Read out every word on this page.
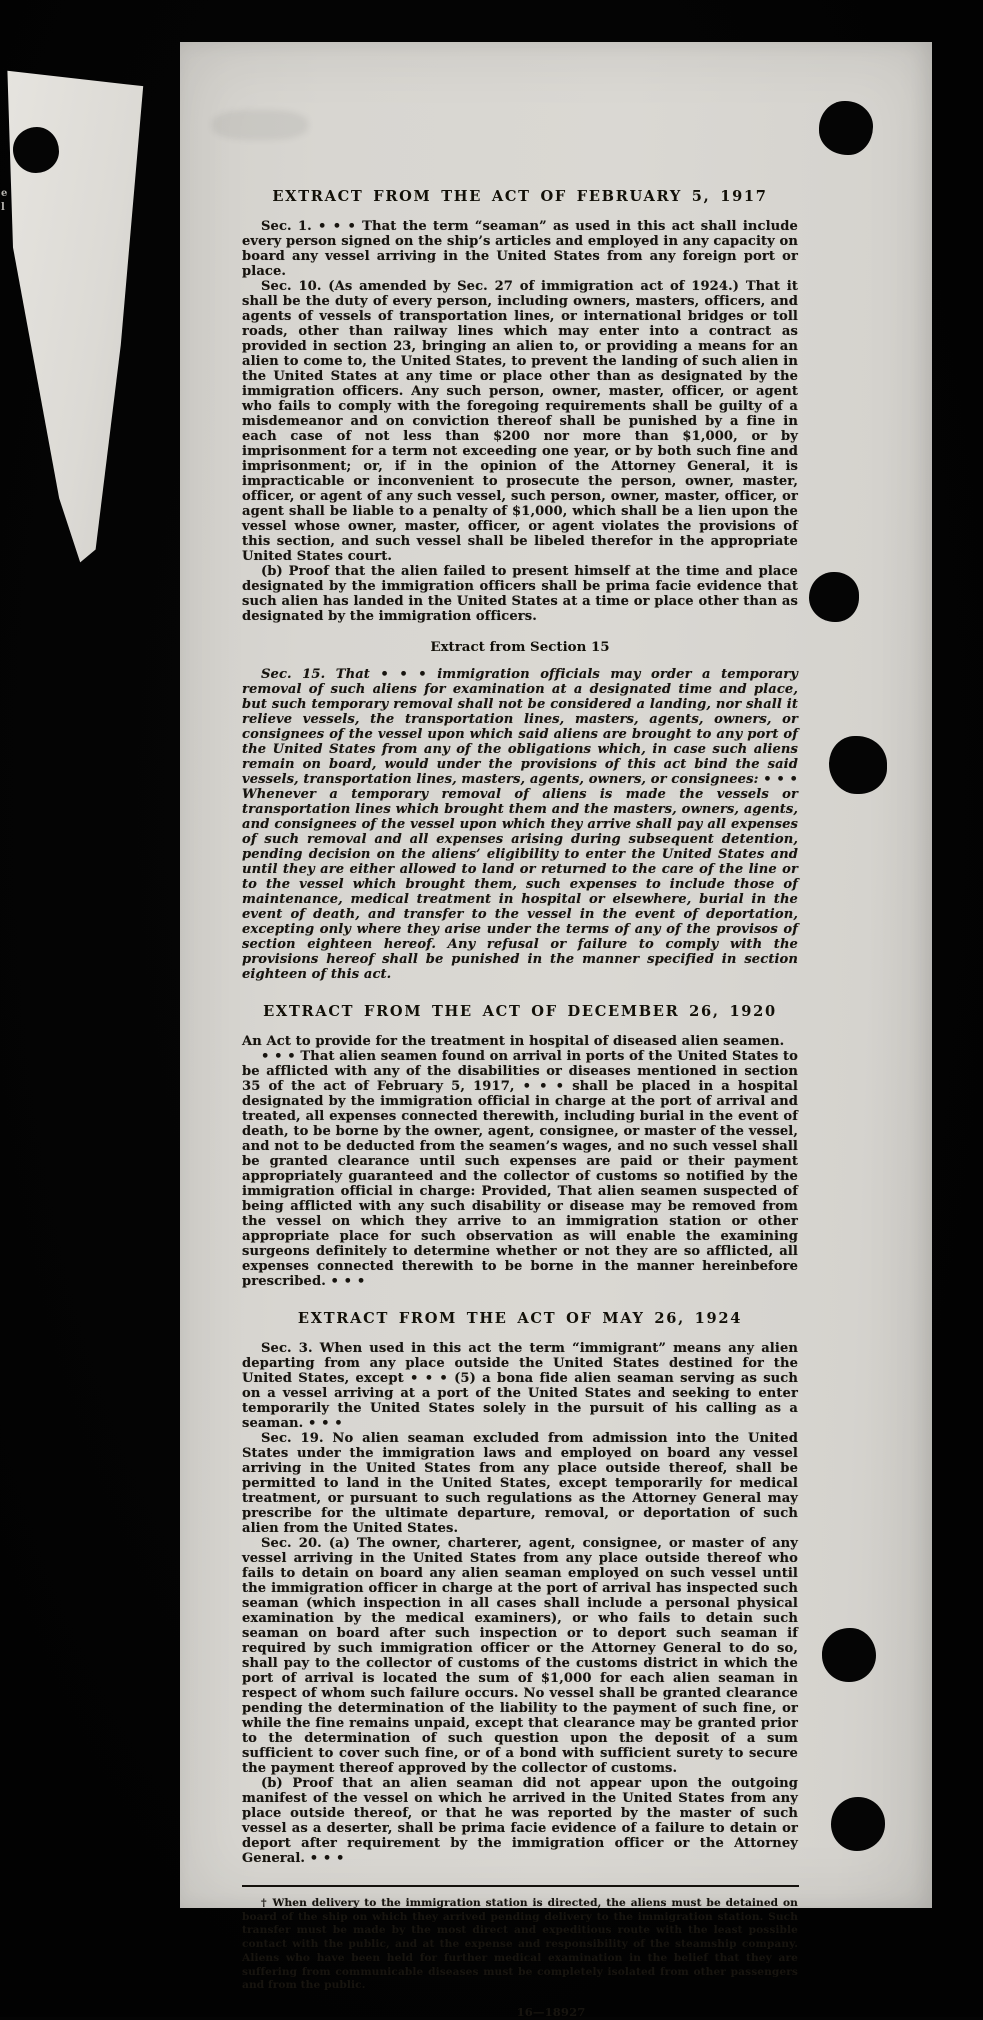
e
l
EXTRACT FROM THE ACT OF FEBRUARY 5, 1917

Sec. 1. • • • That the term “seaman” as used in this act shall include every person signed on the ship’s articles and employed in any capacity on board any vessel arriving in the United States from any foreign port or place.

Sec. 10. (As amended by Sec. 27 of immigration act of 1924.) That it shall be the duty of every person, including owners, masters, officers, and agents of vessels of transportation lines, or international bridges or toll roads, other than railway lines which may enter into a contract as provided in section 23, bringing an alien to, or providing a means for an alien to come to, the United States, to prevent the landing of such alien in the United States at any time or place other than as designated by the immigration officers. Any such person, owner, master, officer, or agent who fails to comply with the foregoing requirements shall be guilty of a misdemeanor and on conviction thereof shall be punished by a fine in each case of not less than $200 nor more than $1,000, or by imprisonment for a term not exceeding one year, or by both such fine and imprisonment; or, if in the opinion of the Attorney General, it is impracticable or inconvenient to prosecute the person, owner, master, officer, or agent of any such vessel, such person, owner, master, officer, or agent shall be liable to a penalty of $1,000, which shall be a lien upon the vessel whose owner, master, officer, or agent violates the provisions of this section, and such vessel shall be libeled therefor in the appropriate United States court.

(b) Proof that the alien failed to present himself at the time and place designated by the immigration officers shall be prima facie evidence that such alien has landed in the United States at a time or place other than as designated by the immigration officers.

Extract from Section 15

Sec. 15. That • • • immigration officials may order a temporary removal of such aliens for examination at a designated time and place, but such temporary removal shall not be considered a landing, nor shall it relieve vessels, the transportation lines, masters, agents, owners, or consignees of the vessel upon which said aliens are brought to any port of the United States from any of the obligations which, in case such aliens remain on board, would under the provisions of this act bind the said vessels, transportation lines, masters, agents, owners, or consignees: • • • Whenever a temporary removal of aliens is made the vessels or transportation lines which brought them and the masters, owners, agents, and consignees of the vessel upon which they arrive shall pay all expenses of such removal and all expenses arising during subsequent detention, pending decision on the aliens’ eligibility to enter the United States and until they are either allowed to land or returned to the care of the line or to the vessel which brought them, such expenses to include those of maintenance, medical treatment in hospital or elsewhere, burial in the event of death, and transfer to the vessel in the event of deportation, excepting only where they arise under the terms of any of the provisos of section eighteen hereof. Any refusal or failure to comply with the provisions hereof shall be punished in the manner specified in section eighteen of this act.

EXTRACT FROM THE ACT OF DECEMBER 26, 1920

An Act to provide for the treatment in hospital of diseased alien seamen.

• • • That alien seamen found on arrival in ports of the United States to be afflicted with any of the disabilities or diseases mentioned in section 35 of the act of February 5, 1917, • • • shall be placed in a hospital designated by the immigration official in charge at the port of arrival and treated, all expenses connected therewith, including burial in the event of death, to be borne by the owner, agent, consignee, or master of the vessel, and not to be deducted from the seamen’s wages, and no such vessel shall be granted clearance until such expenses are paid or their payment appropriately guaranteed and the collector of customs so notified by the immigration official in charge: Provided, That alien seamen suspected of being afflicted with any such disability or disease may be removed from the vessel on which they arrive to an immigration station or other appropriate place for such observation as will enable the examining surgeons definitely to determine whether or not they are so afflicted, all expenses connected therewith to be borne in the manner hereinbefore prescribed. • • •

EXTRACT FROM THE ACT OF MAY 26, 1924

Sec. 3. When used in this act the term “immigrant” means any alien departing from any place outside the United States destined for the United States, except • • • (5) a bona fide alien seaman serving as such on a vessel arriving at a port of the United States and seeking to enter temporarily the United States solely in the pursuit of his calling as a seaman. • • •

Sec. 19. No alien seaman excluded from admission into the United States under the immigration laws and employed on board any vessel arriving in the United States from any place outside thereof, shall be permitted to land in the United States, except temporarily for medical treatment, or pursuant to such regulations as the Attorney General may prescribe for the ultimate departure, removal, or deportation of such alien from the United States.

Sec. 20. (a) The owner, charterer, agent, consignee, or master of any vessel arriving in the United States from any place outside thereof who fails to detain on board any alien seaman employed on such vessel until the immigration officer in charge at the port of arrival has inspected such seaman (which inspection in all cases shall include a personal physical examination by the medical examiners), or who fails to detain such seaman on board after such inspection or to deport such seaman if required by such immigration officer or the Attorney General to do so, shall pay to the collector of customs of the customs district in which the port of arrival is located the sum of $1,000 for each alien seaman in respect of whom such failure occurs. No vessel shall be granted clearance pending the determination of the liability to the payment of such fine, or while the fine remains unpaid, except that clearance may be granted prior to the determination of such question upon the deposit of a sum sufficient to cover such fine, or of a bond with sufficient surety to secure the payment thereof approved by the collector of customs.

(b) Proof that an alien seaman did not appear upon the outgoing manifest of the vessel on which he arrived in the United States from any place outside thereof, or that he was reported by the master of such vessel as a deserter, shall be prima facie evidence of a failure to detain or deport after requirement by the immigration officer or the Attorney General. • • •

† When delivery to the immigration station is directed, the aliens must be detained on board of the ship on which they arrived pending delivery to the immigration station. Such transfer must be made by the most direct and expeditious route with the least possible contact with the public, and at the expense and responsibility of the steamship company. Aliens who have been held for further medical examination in the belief that they are suffering from communicable diseases must be completely isolated from other passengers and from the public.

16—18927
